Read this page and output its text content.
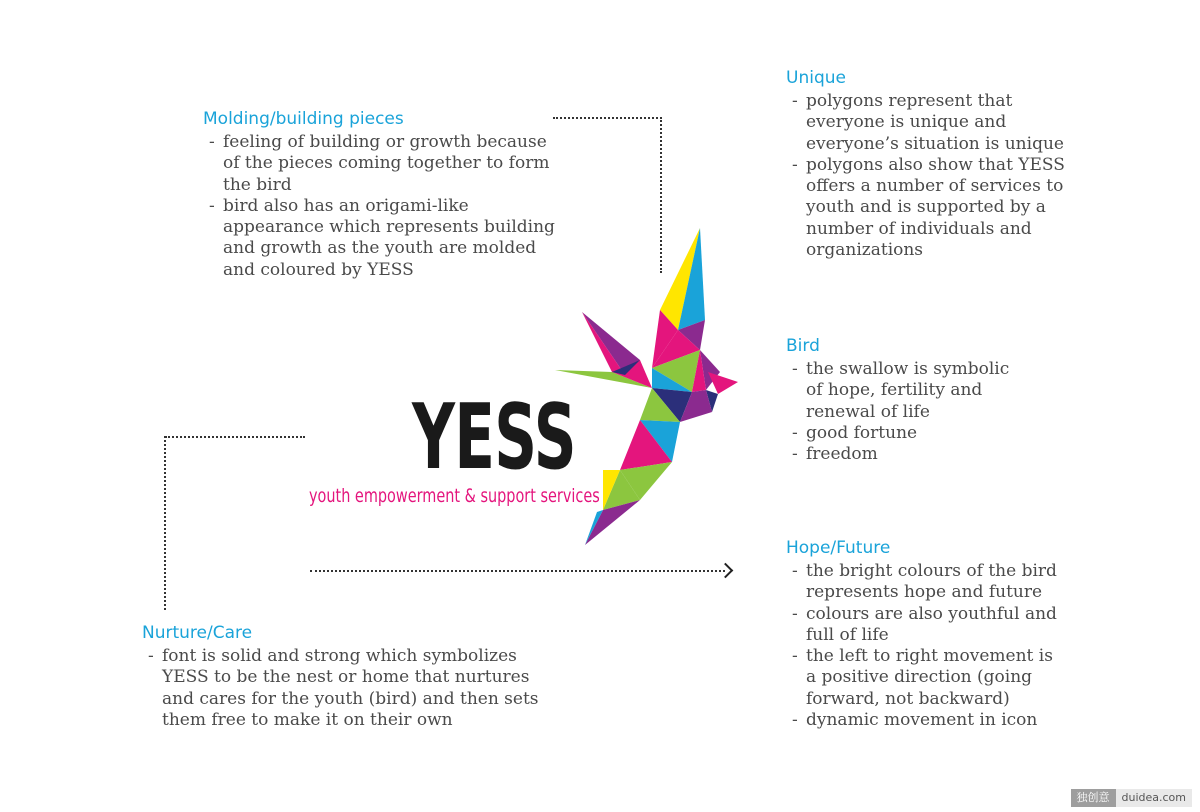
Molding/building pieces
- feeling of building or growth because of the pieces coming together to form the bird
- bird also has an origami-like appearance which represents building and growth as the youth are molded and coloured by YESS
Unique
- polygons represent that everyone is unique and everyone’s situation is unique
- polygons also show that YESS offers a number of services to youth and is supported by a number of individuals and organizations
Bird
- the swallow is symbolic of hope, fertility and renewal of life
- good fortune
- freedom
Hope/Future
- the bright colours of the bird represents hope and future
- colours are also youthful and full of life
- the left to right movement is a positive direction (going forward, not backward)
- dynamic movement in icon
Nurture/Care
- font is solid and strong which symbolizes YESS to be the nest or home that nurtures and cares for the youth (bird) and then sets them free to make it on their own
YESS
youth empowerment & support services
独创意	duidea.com
